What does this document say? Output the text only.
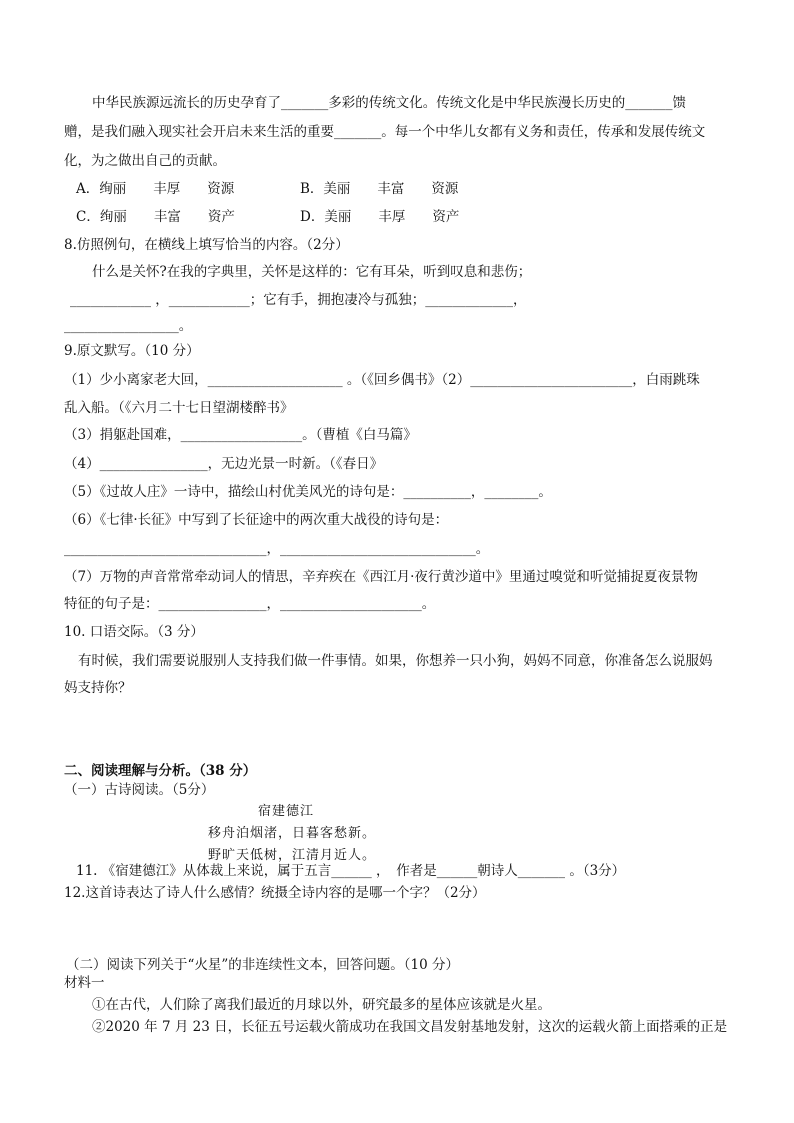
中华民族源远流长的历史孕育了_______多彩的传统文化。传统文化是中华民族漫长历史的_______馈
赠，是我们融入现实社会开启未来生活的重要_______。每一个中华儿女都有义务和责任，传承和发展传统文
化，为之做出自己的贡献。
A．绚丽　　丰厚　　资源	B．美丽　　丰富　　资源
C．绚丽　　丰富　　资产	D．美丽　　丰厚　　资产
8.仿照例句，在横线上填写恰当的内容。（2分）
什么是关怀?在我的字典里，关怀是这样的：它有耳朵，听到叹息和悲伤；
____________ ，____________；它有手，拥抱凄冷与孤独；_____________，
_________________。
9.原文默写。（10 分）
（1）少小离家老大回，____________________ 。（《回乡偶书》（2）________________________，白雨跳珠
乱入船。（《六月二十七日望湖楼醉书》
（3）捐躯赴国难，__________________。（曹植《白马篇》
（4）________________，无边光景一时新。（《春日》
（5）《过故人庄》一诗中，描绘山村优美风光的诗句是：__________，________。
（6）《七律·长征》中写到了长征途中的两次重大战役的诗句是：
______________________________，_____________________________。
（7）万物的声音常常牵动词人的情思，辛弃疾在《西江月·夜行黄沙道中》里通过嗅觉和听觉捕捉夏夜景物
特征的句子是：________________，_____________________。
10. 口语交际。（3 分）
有时候，我们需要说服别人支持我们做一件事情。如果，你想养一只小狗，妈妈不同意，你准备怎么说服妈
妈支持你？
二、阅读理解与分析。（38 分）
（一）古诗阅读。（5分）
宿建德江
移舟泊烟渚，日暮客愁新。
野旷天低树，江清月近人。
11. 《宿建德江》从体裁上来说，属于五言______ ，　作者是______朝诗人_______ 。（3分）
12.这首诗表达了诗人什么感情？统摄全诗内容的是哪一个字？（2分）
（二）阅读下列关于“火星”的非连续性文本，回答问题。（10 分）
材料一
①在古代，人们除了离我们最近的月球以外，研究最多的星体应该就是火星。
②2020 年 7 月 23 日，长征五号运载火箭成功在我国文昌发射基地发射，这次的运载火箭上面搭乘的正是
